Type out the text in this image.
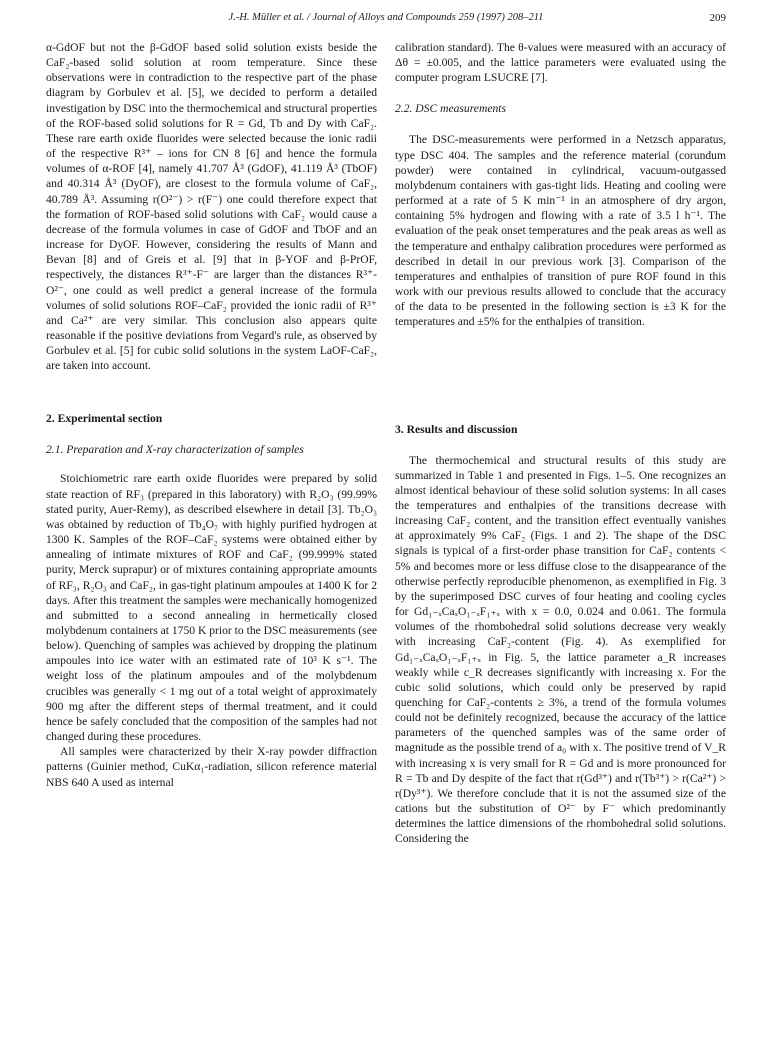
J.-H. Müller et al. / Journal of Alloys and Compounds 259 (1997) 208–211	209

α-GdOF but not the β-GdOF based solid solution exists beside the CaF₂-based solid solution at room temperature. Since these observations were in contradiction to the respective part of the phase diagram by Gorbulev et al. [5], we decided to perform a detailed investigation by DSC into the thermochemical and structural properties of the ROF-based solid solutions for R = Gd, Tb and Dy with CaF₂. These rare earth oxide fluorides were selected because the ionic radii of the respective R³⁺ – ions for CN 8 [6] and hence the formula volumes of α-ROF [4], namely 41.707 Å³ (GdOF), 41.119 Å³ (TbOF) and 40.314 Å³ (DyOF), are closest to the formula volume of CaF₂, 40.789 Å³. Assuming r(O²⁻) > r(F⁻) one could therefore expect that the formation of ROF-based solid solutions with CaF₂ would cause a decrease of the formula volumes in case of GdOF and TbOF and an increase for DyOF. However, considering the results of Mann and Bevan [8] and of Greis et al. [9] that in β-YOF and β-PrOF, respectively, the distances R³⁺-F⁻ are larger than the distances R³⁺-O²⁻, one could as well predict a general increase of the formula volumes of solid solutions ROF–CaF₂ provided the ionic radii of R³⁺ and Ca²⁺ are very similar. This conclusion also appears quite reasonable if the positive deviations from Vegard's rule, as observed by Gorbulev et al. [5] for cubic solid solutions in the system LaOF-CaF₂, are taken into account.

2. Experimental section
2.1. Preparation and X-ray characterization of samples

Stoichiometric rare earth oxide fluorides were prepared by solid state reaction of RF₃ (prepared in this laboratory) with R₂O₃ (99.99% stated purity, Auer-Remy), as described elsewhere in detail [3]. Tb₂O₃ was obtained by reduction of Tb₄O₇ with highly purified hydrogen at 1300 K. Samples of the ROF–CaF₂ systems were obtained either by annealing of intimate mixtures of ROF and CaF₂ (99.999% stated purity, Merck suprapur) or of mixtures containing appropriate amounts of RF₃, R₂O₃ and CaF₂, in gas-tight platinum ampoules at 1400 K for 2 days. After this treatment the samples were mechanically homogenized and submitted to a second annealing in hermetically closed molybdenum containers at 1750 K prior to the DSC measurements (see below). Quenching of samples was achieved by dropping the platinum ampoules into ice water with an estimated rate of 10³ K s⁻¹. The weight loss of the platinum ampoules and of the molybdenum crucibles was generally < 1 mg out of a total weight of approximately 900 mg after the different steps of thermal treatment, and it could hence be safely concluded that the composition of the samples had not changed during these procedures.

All samples were characterized by their X-ray powder diffraction patterns (Guinier method, CuKα₁-radiation, silicon reference material NBS 640 A used as internal

calibration standard). The θ-values were measured with an accuracy of Δθ = ±0.005, and the lattice parameters were evaluated using the computer program LSUCRE [7].

2.2. DSC measurements

The DSC-measurements were performed in a Netzsch apparatus, type DSC 404. The samples and the reference material (corundum powder) were contained in cylindrical, vacuum-outgassed molybdenum containers with gas-tight lids. Heating and cooling were performed at a rate of 5 K min⁻¹ in an atmosphere of dry argon, containing 5% hydrogen and flowing with a rate of 3.5 l h⁻¹. The evaluation of the peak onset temperatures and the peak areas as well as the temperature and enthalpy calibration procedures were performed as described in detail in our previous work [3]. Comparison of the temperatures and enthalpies of transition of pure ROF found in this work with our previous results allowed to conclude that the accuracy of the data to be presented in the following section is ±3 K for the temperatures and ±5% for the enthalpies of transition.

3. Results and discussion

The thermochemical and structural results of this study are summarized in Table 1 and presented in Figs. 1–5. One recognizes an almost identical behaviour of these solid solution systems: In all cases the temperatures and enthalpies of the transitions decrease with increasing CaF₂ content, and the transition effect eventually vanishes at approximately 9% CaF₂ (Figs. 1 and 2). The shape of the DSC signals is typical of a first-order phase transition for CaF₂ contents < 5% and becomes more or less diffuse close to the disappearance of the otherwise perfectly reproducible phenomenon, as exemplified in Fig. 3 by the superimposed DSC curves of four heating and cooling cycles for Gd₁₋ₓCaₓO₁₋ₓF₁₊ₓ with x = 0.0, 0.024 and 0.061. The formula volumes of the rhombohedral solid solutions decrease very weakly with increasing CaF₂-content (Fig. 4). As exemplified for Gd₁₋ₓCaₓO₁₋ₓF₁₊ₓ in Fig. 5, the lattice parameter a_R increases weakly while c_R decreases significantly with increasing x. For the cubic solid solutions, which could only be preserved by rapid quenching for CaF₂-contents ≥ 3%, a trend of the formula volumes could not be definitely recognized, because the accuracy of the lattice parameters of the quenched samples was of the same order of magnitude as the possible trend of a₀ with x. The positive trend of V_R with increasing x is very small for R = Gd and is more pronounced for R = Tb and Dy despite of the fact that r(Gd³⁺) and r(Tb³⁺) > r(Ca²⁺) > r(Dy³⁺). We therefore conclude that it is not the assumed size of the cations but the substitution of O²⁻ by F⁻ which predominantly determines the lattice dimensions of the rhombohedral solid solutions. Considering the
